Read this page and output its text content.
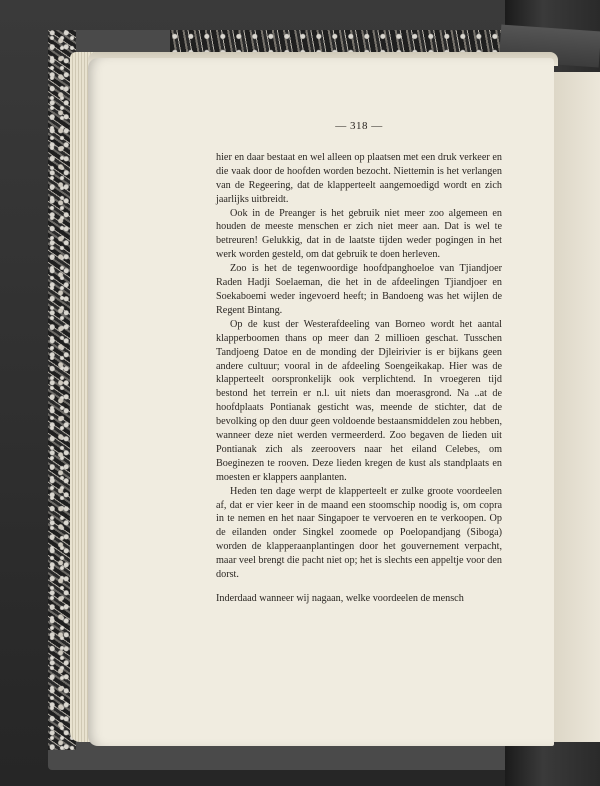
— 318 —

hier en daar bestaat en wel alleen op plaatsen met een druk verkeer en die vaak door de hoofden worden bezocht. Niettemin is het verlangen van de Regeering, dat de klapperteelt aangemoedigd wordt en zich jaarlijks uitbreidt.

Ook in de Preanger is het gebruik niet meer zoo algemeen en houden de meeste menschen er zich niet meer aan. Dat is wel te betreuren! Gelukkig, dat in de laatste tijden weder pogingen in het werk worden gesteld, om dat gebruik te doen herleven.

Zoo is het de tegenwoordige hoofdpanghoeloe van Tjiandjoer Raden Hadji Soelaeman, die het in de afdeelingen Tjiandjoer en Soekaboemi weder ingevoerd heeft; in Bandoeng was het wijlen de Regent Bintang.

Op de kust der Westerafdeeling van Borneo wordt het aantal klapperboomen thans op meer dan 2 millioen geschat. Tusschen Tandjoeng Datoe en de monding der Djleirivier is er bijkans geen andere cultuur; vooral in de afdeeling Soengeikakap. Hier was de klapperteelt oorspronkelijk ook verplichtend. In vroegeren tijd bestond het terrein er n.l. uit niets dan moerasgrond. Na ..at de hoofdplaats Pontianak gesticht was, meende de stichter, dat de bevolking op den duur geen voldoende bestaansmiddelen zou hebben, wanneer deze niet werden vermeerderd. Zoo begaven de lieden uit Pontianak zich als zeeroovers naar het eiland Celebes, om Boeginezen te rooven. Deze lieden kregen de kust als standplaats en moesten er klappers aanplanten.

Heden ten dage werpt de klapperteelt er zulke groote voordeelen af, dat er vier keer in de maand een stoomschip noodig is, om copra in te nemen en het naar Singapoer te vervoeren en te verkoopen. Op de eilanden onder Singkel zoomede op Poelopandjang (Siboga) worden de klapperaanplantingen door het gouvernement verpacht, maar veel brengt die pacht niet op; het is slechts een appeltje voor den dorst.

Inderdaad wanneer wij nagaan, welke voordeelen de mensch
